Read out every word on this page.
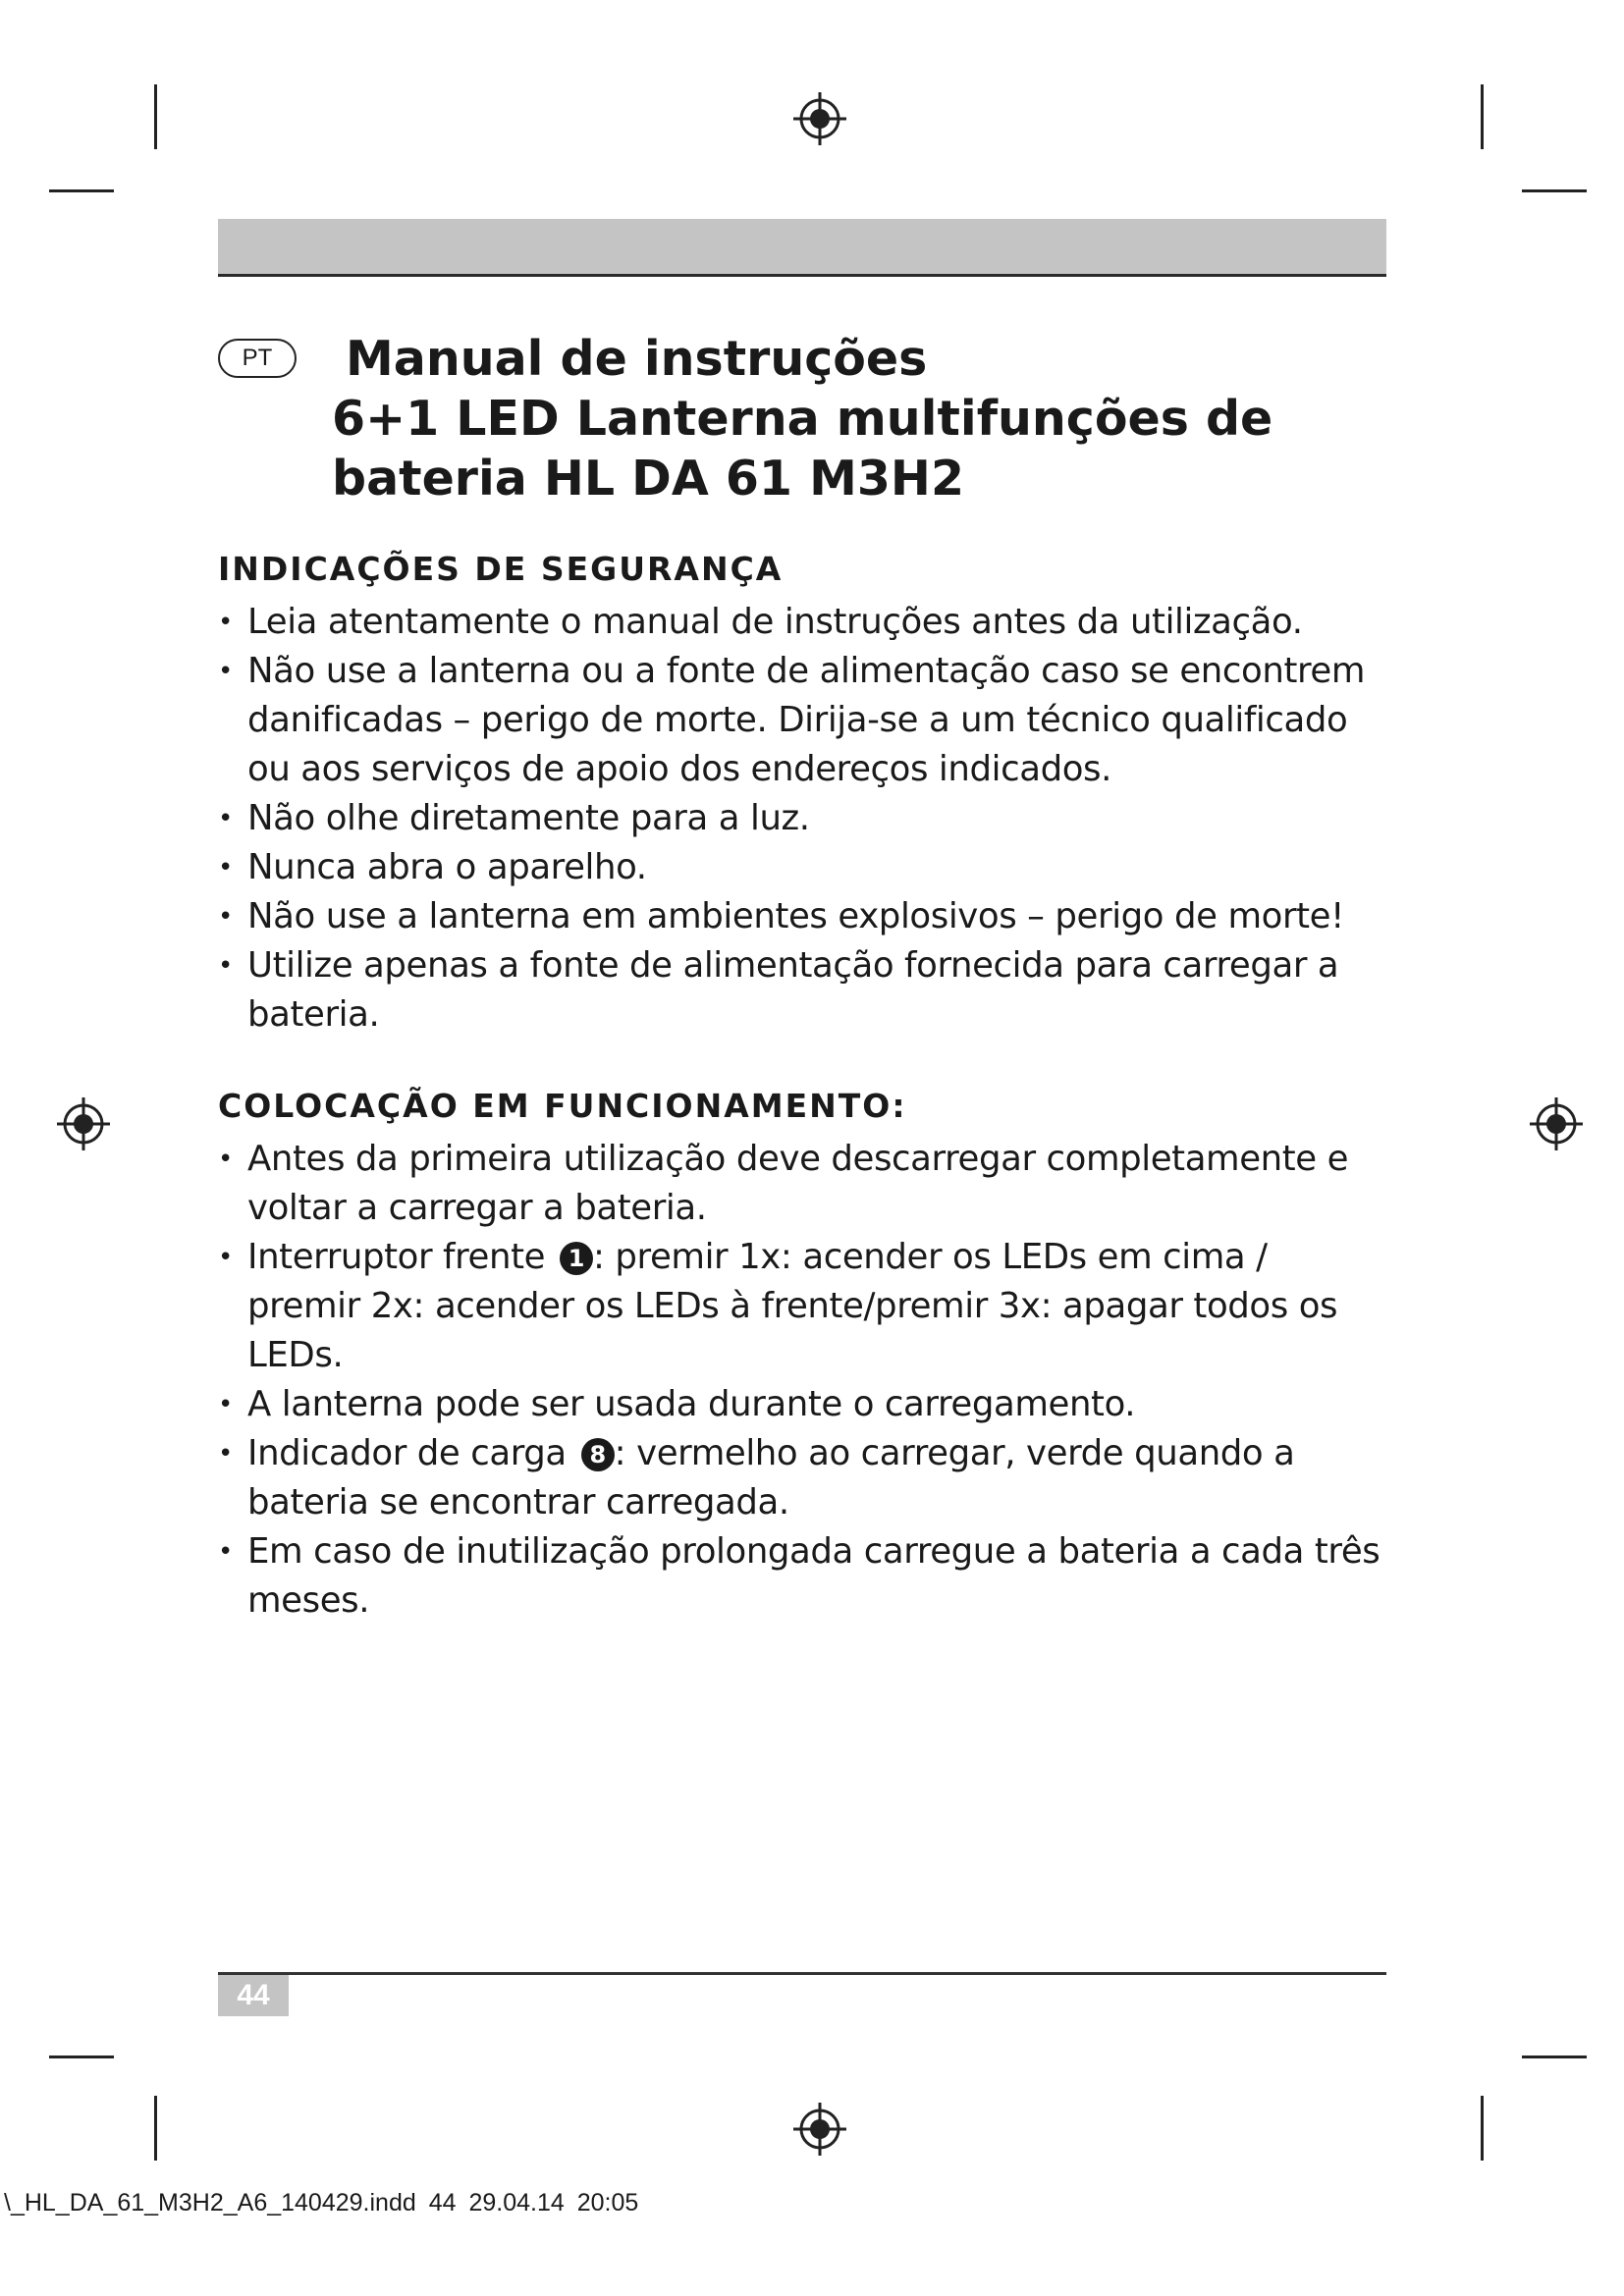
PT	Manual de instruções

6+1 LED Lanterna multifunções de

bateria HL DA 61 M3H2

INDICAÇÕES DE SEGURANÇA
• Leia atentamente o manual de instruções antes da utilização.
• Não use a lanterna ou a fonte de alimentação caso se encontrem danificadas – perigo de morte. Dirija-se a um técnico qualificado ou aos serviços de apoio dos endereços indicados.
• Não olhe diretamente para a luz.
• Nunca abra o aparelho.
• Não use a lanterna em ambientes explosivos – perigo de morte!
• Utilize apenas a fonte de alimentação fornecida para carregar a bateria.
COLOCAÇÃO EM FUNCIONAMENTO:
• Antes da primeira utilização deve descarregar completamente e voltar a carregar a bateria.
• Interruptor frente 1 : premir 1x: acender os LEDs em cima / premir 2x: acender os LEDs à frente/premir 3x: apagar todos os LEDs.
• A lanterna pode ser usada durante o carregamento.
• Indicador de carga 8 : vermelho ao carregar, verde quando a bateria se encontrar carregada.
• Em caso de inutilização prolongada carregue a bateria a cada três meses.
44
\_HL_DA_61_M3H2_A6_140429.indd 44 29.04.14 20:05
